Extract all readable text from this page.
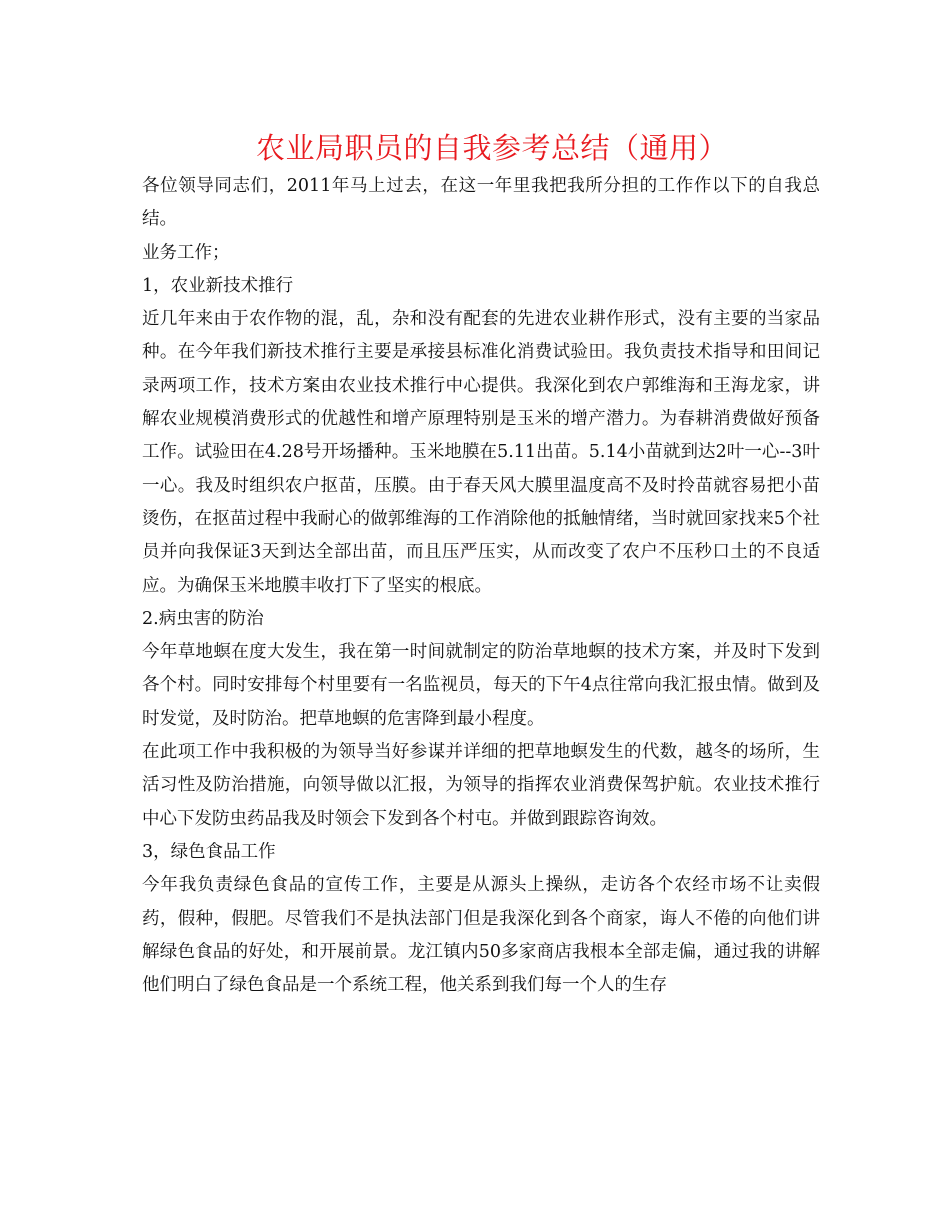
农业局职员的自我参考总结（通用）

各位领导同志们，2011年马上过去，在这一年里我把我所分担的工作作以下的自我总结。

业务工作；

1，农业新技术推行

近几年来由于农作物的混，乱，杂和没有配套的先进农业耕作形式，没有主要的当家品种。在今年我们新技术推行主要是承接县标准化消费试验田。我负责技术指导和田间记录两项工作，技术方案由农业技术推行中心提供。我深化到农户郭维海和王海龙家，讲解农业规模消费形式的优越性和增产原理特别是玉米的增产潜力。为春耕消费做好预备工作。试验田在4.28号开场播种。玉米地膜在5.11出苗。5.14小苗就到达2叶一心--3叶一心。我及时组织农户抠苗，压膜。由于春天风大膜里温度高不及时拎苗就容易把小苗烫伤，在抠苗过程中我耐心的做郭维海的工作消除他的抵触情绪，当时就回家找来5个社员并向我保证3天到达全部出苗，而且压严压实，从而改变了农户不压秒口土的不良适应。为确保玉米地膜丰收打下了坚实的根底。

2.病虫害的防治

今年草地螟在度大发生，我在第一时间就制定的防治草地螟的技术方案，并及时下发到各个村。同时安排每个村里要有一名监视员，每天的下午4点往常向我汇报虫情。做到及时发觉，及时防治。把草地螟的危害降到最小程度。

在此项工作中我积极的为领导当好参谋并详细的把草地螟发生的代数，越冬的场所，生活习性及防治措施，向领导做以汇报，为领导的指挥农业消费保驾护航。农业技术推行中心下发防虫药品我及时领会下发到各个村屯。并做到跟踪咨询效。

3，绿色食品工作

今年我负责绿色食品的宣传工作，主要是从源头上操纵，走访各个农经市场不让卖假药，假种，假肥。尽管我们不是执法部门但是我深化到各个商家，诲人不倦的向他们讲解绿色食品的好处，和开展前景。龙江镇内50多家商店我根本全部走偏，通过我的讲解他们明白了绿色食品是一个系统工程，他关系到我们每一个人的生存
